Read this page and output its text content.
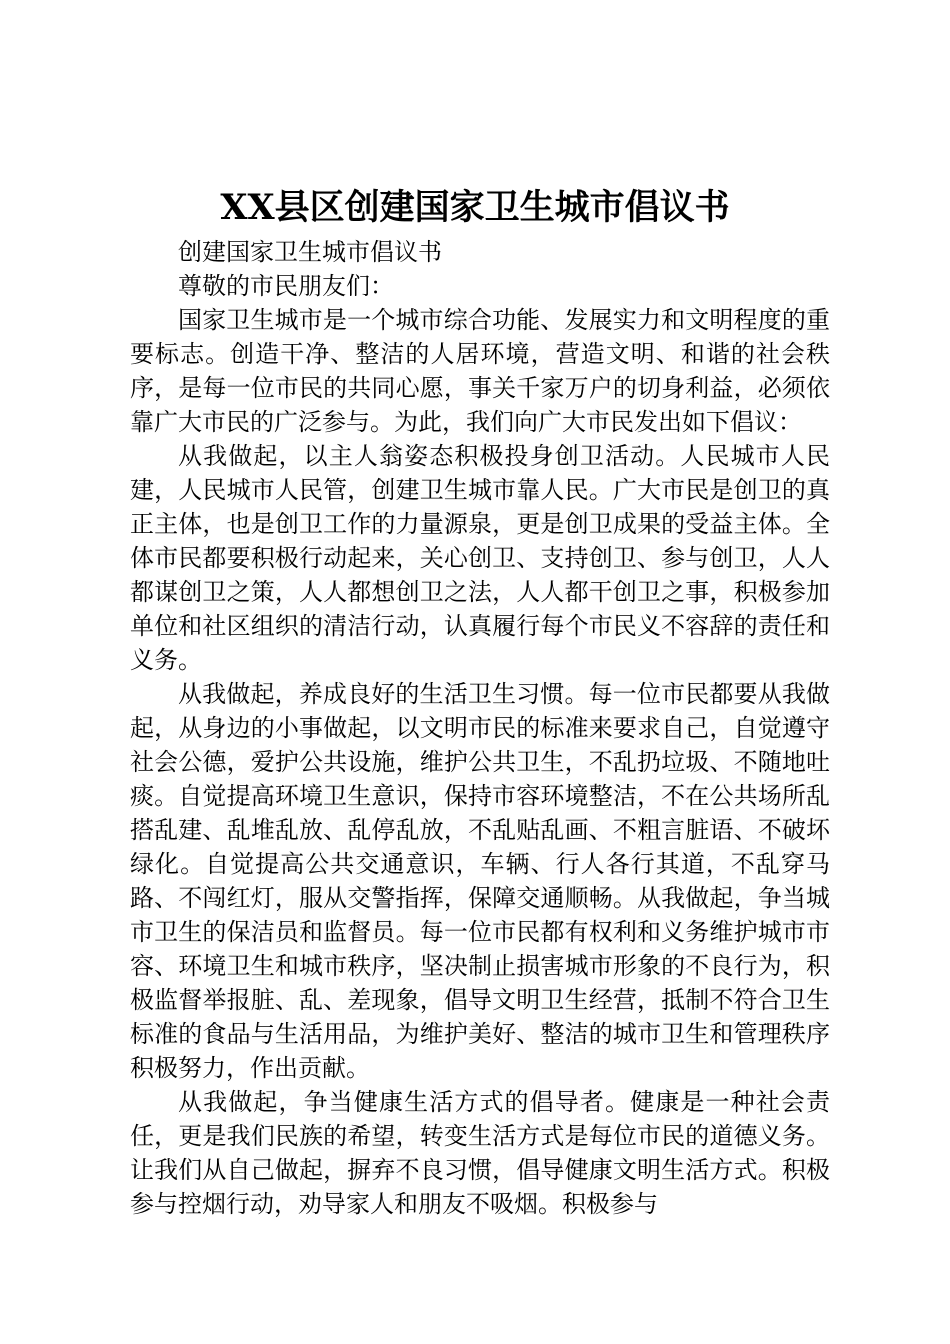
XX县区创建国家卫生城市倡议书

创建国家卫生城市倡议书

尊敬的市民朋友们：

国家卫生城市是一个城市综合功能、发展实力和文明程度的重要标志。创造干净、整洁的人居环境，营造文明、和谐的社会秩序，是每一位市民的共同心愿，事关千家万户的切身利益，必须依靠广大市民的广泛参与。为此，我们向广大市民发出如下倡议：

从我做起，以主人翁姿态积极投身创卫活动。人民城市人民建，人民城市人民管，创建卫生城市靠人民。广大市民是创卫的真正主体，也是创卫工作的力量源泉，更是创卫成果的受益主体。全体市民都要积极行动起来，关心创卫、支持创卫、参与创卫，人人都谋创卫之策，人人都想创卫之法，人人都干创卫之事，积极参加单位和社区组织的清洁行动，认真履行每个市民义不容辞的责任和义务。

从我做起，养成良好的生活卫生习惯。每一位市民都要从我做起，从身边的小事做起，以文明市民的标准来要求自己，自觉遵守社会公德，爱护公共设施，维护公共卫生，不乱扔垃圾、不随地吐痰。自觉提高环境卫生意识，保持市容环境整洁，不在公共场所乱搭乱建、乱堆乱放、乱停乱放，不乱贴乱画、不粗言脏语、不破坏绿化。自觉提高公共交通意识，车辆、行人各行其道，不乱穿马路、不闯红灯，服从交警指挥，保障交通顺畅。从我做起，争当城市卫生的保洁员和监督员。每一位市民都有权利和义务维护城市市容、环境卫生和城市秩序，坚决制止损害城市形象的不良行为，积极监督举报脏、乱、差现象，倡导文明卫生经营，抵制不符合卫生标准的食品与生活用品，为维护美好、整洁的城市卫生和管理秩序积极努力，作出贡献。

从我做起，争当健康生活方式的倡导者。健康是一种社会责任，更是我们民族的希望，转变生活方式是每位市民的道德义务。让我们从自己做起，摒弃不良习惯，倡导健康文明生活方式。积极参与控烟行动，劝导家人和朋友不吸烟。积极参与
